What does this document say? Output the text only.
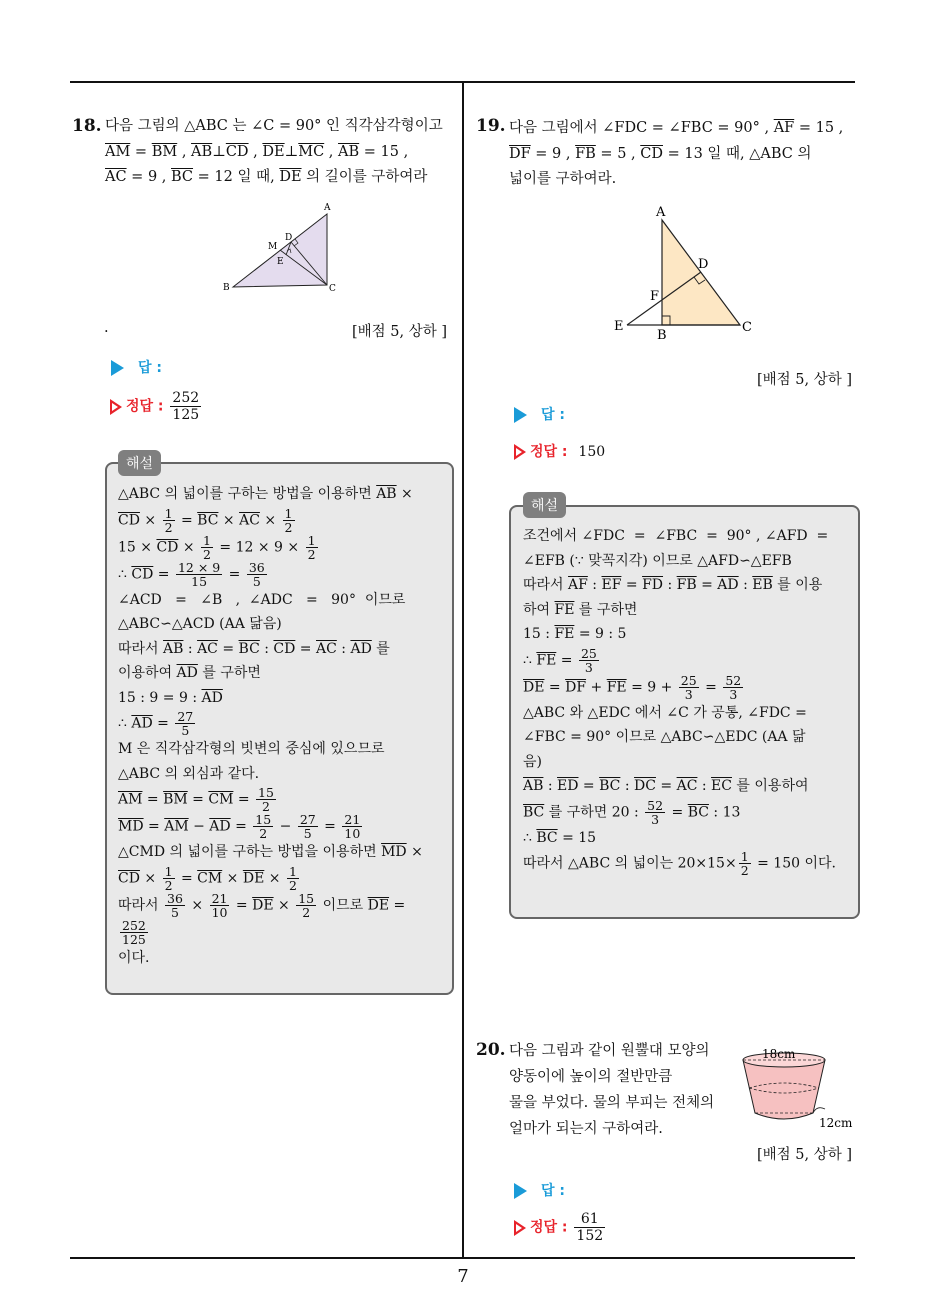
18. 다음 그림의 △ABC 는 ∠C = 90° 인 직각삼각형이고
$\overline{AM} = \overline{BM}$ , $\overline{AB}\perp\overline{CD}$ , $\overline{DE}\perp\overline{MC}$ , $\overline{AB} = 15$ ,
$\overline{AC} = 9$ , $\overline{BC} = 12$ 일 때, $\overline{DE}$ 의 길이를 구하여라
A
B	C
D
E
M
.	[배점 5, 상하 ]
답 :
정답 : $\frac{252}{125}$
해설
△ABC 의 넓이를 구하는 방법을 이용하면 $\overline{AB}$ ×
$\overline{CD} \times \frac{1}{2} = \overline{BC} \times \overline{AC} \times \frac{1}{2}$
$15 \times \overline{CD} \times \frac{1}{2} = 12 \times 9 \times \frac{1}{2}$
∴ $\overline{CD} = \frac{12 \times 9}{15} = \frac{36}{5}$
∠ACD   =   ∠B   ,  ∠ADC   =   90°  이므로
△ABC∽△ACD (AA 닮음)
따라서 $\overline{AB}$ : $\overline{AC} = \overline{BC}$ : $\overline{CD} = \overline{AC}$ : $\overline{AD}$ 를
이용하여 $\overline{AD}$ 를 구하면
15 : 9 = 9 : $\overline{AD}$
∴ $\overline{AD} = \frac{27}{5}$
M 은 직각삼각형의 빗변의 중심에 있으므로
△ABC 의 외심과 같다.
$\overline{AM} = \overline{BM} = \overline{CM} = \frac{15}{2}$
$\overline{MD} = \overline{AM} - \overline{AD} = \frac{15}{2} - \frac{27}{5} = \frac{21}{10}$
△CMD 의 넓이를 구하는 방법을 이용하면 $\overline{MD}$ ×
$\overline{CD} \times \frac{1}{2} = \overline{CM} \times \overline{DE} \times \frac{1}{2}$
따라서 $\frac{36}{5} \times \frac{21}{10} = \overline{DE} \times \frac{15}{2}$ 이므로 $\overline{DE}$ =
$\frac{252}{125}$
이다.
19. 다음 그림에서 ∠FDC = ∠FBC = 90° , $\overline{AF} = 15$ ,
$\overline{DF} = 9$ , $\overline{FB} = 5$ , $\overline{CD} = 13$ 일 때, △ABC 의
넓이를 구하여라.
A
B
C
D
E
F
[배점 5, 상하 ]
답 :
정답 : 150
해설
조건에서 ∠FDC  =  ∠FBC  =  90° , ∠AFD  =
∠EFB (∵ 맞꼭지각) 이므로 △AFD∽△EFB
따라서 $\overline{AF}$ : $\overline{EF} = \overline{FD}$ : $\overline{FB} = \overline{AD}$ : $\overline{EB}$ 를 이용
하여 $\overline{FE}$ 를 구하면
15 : $\overline{FE} = 9$ : 5
∴ $\overline{FE} = \frac{25}{3}$
$\overline{DE} = \overline{DF} + \overline{FE} = 9 + \frac{25}{3} = \frac{52}{3}$
△ABC 와 △EDC 에서 ∠C 가 공통, ∠FDC =
∠FBC = 90° 이므로 △ABC∽△EDC (AA 닮
음)
$\overline{AB}$ : $\overline{ED} = \overline{BC}$ : $\overline{DC} = \overline{AC}$ : $\overline{EC}$ 를 이용하여
$\overline{BC}$ 를 구하면 20 : $\frac{52}{3} = \overline{BC}$ : 13
∴ $\overline{BC} = 15$
따라서 △ABC 의 넓이는 $20\times 15\times \frac{1}{2} = 150$ 이다.
20. 다음 그림과 같이 원뿔대 모양의
양동이에 높이의 절반만큼
물을 부었다. 물의 부피는 전체의
얼마가 되는지 구하여라.
18cm
12cm
[배점 5, 상하 ]
답 :
정답 : $\frac{61}{152}$
7
